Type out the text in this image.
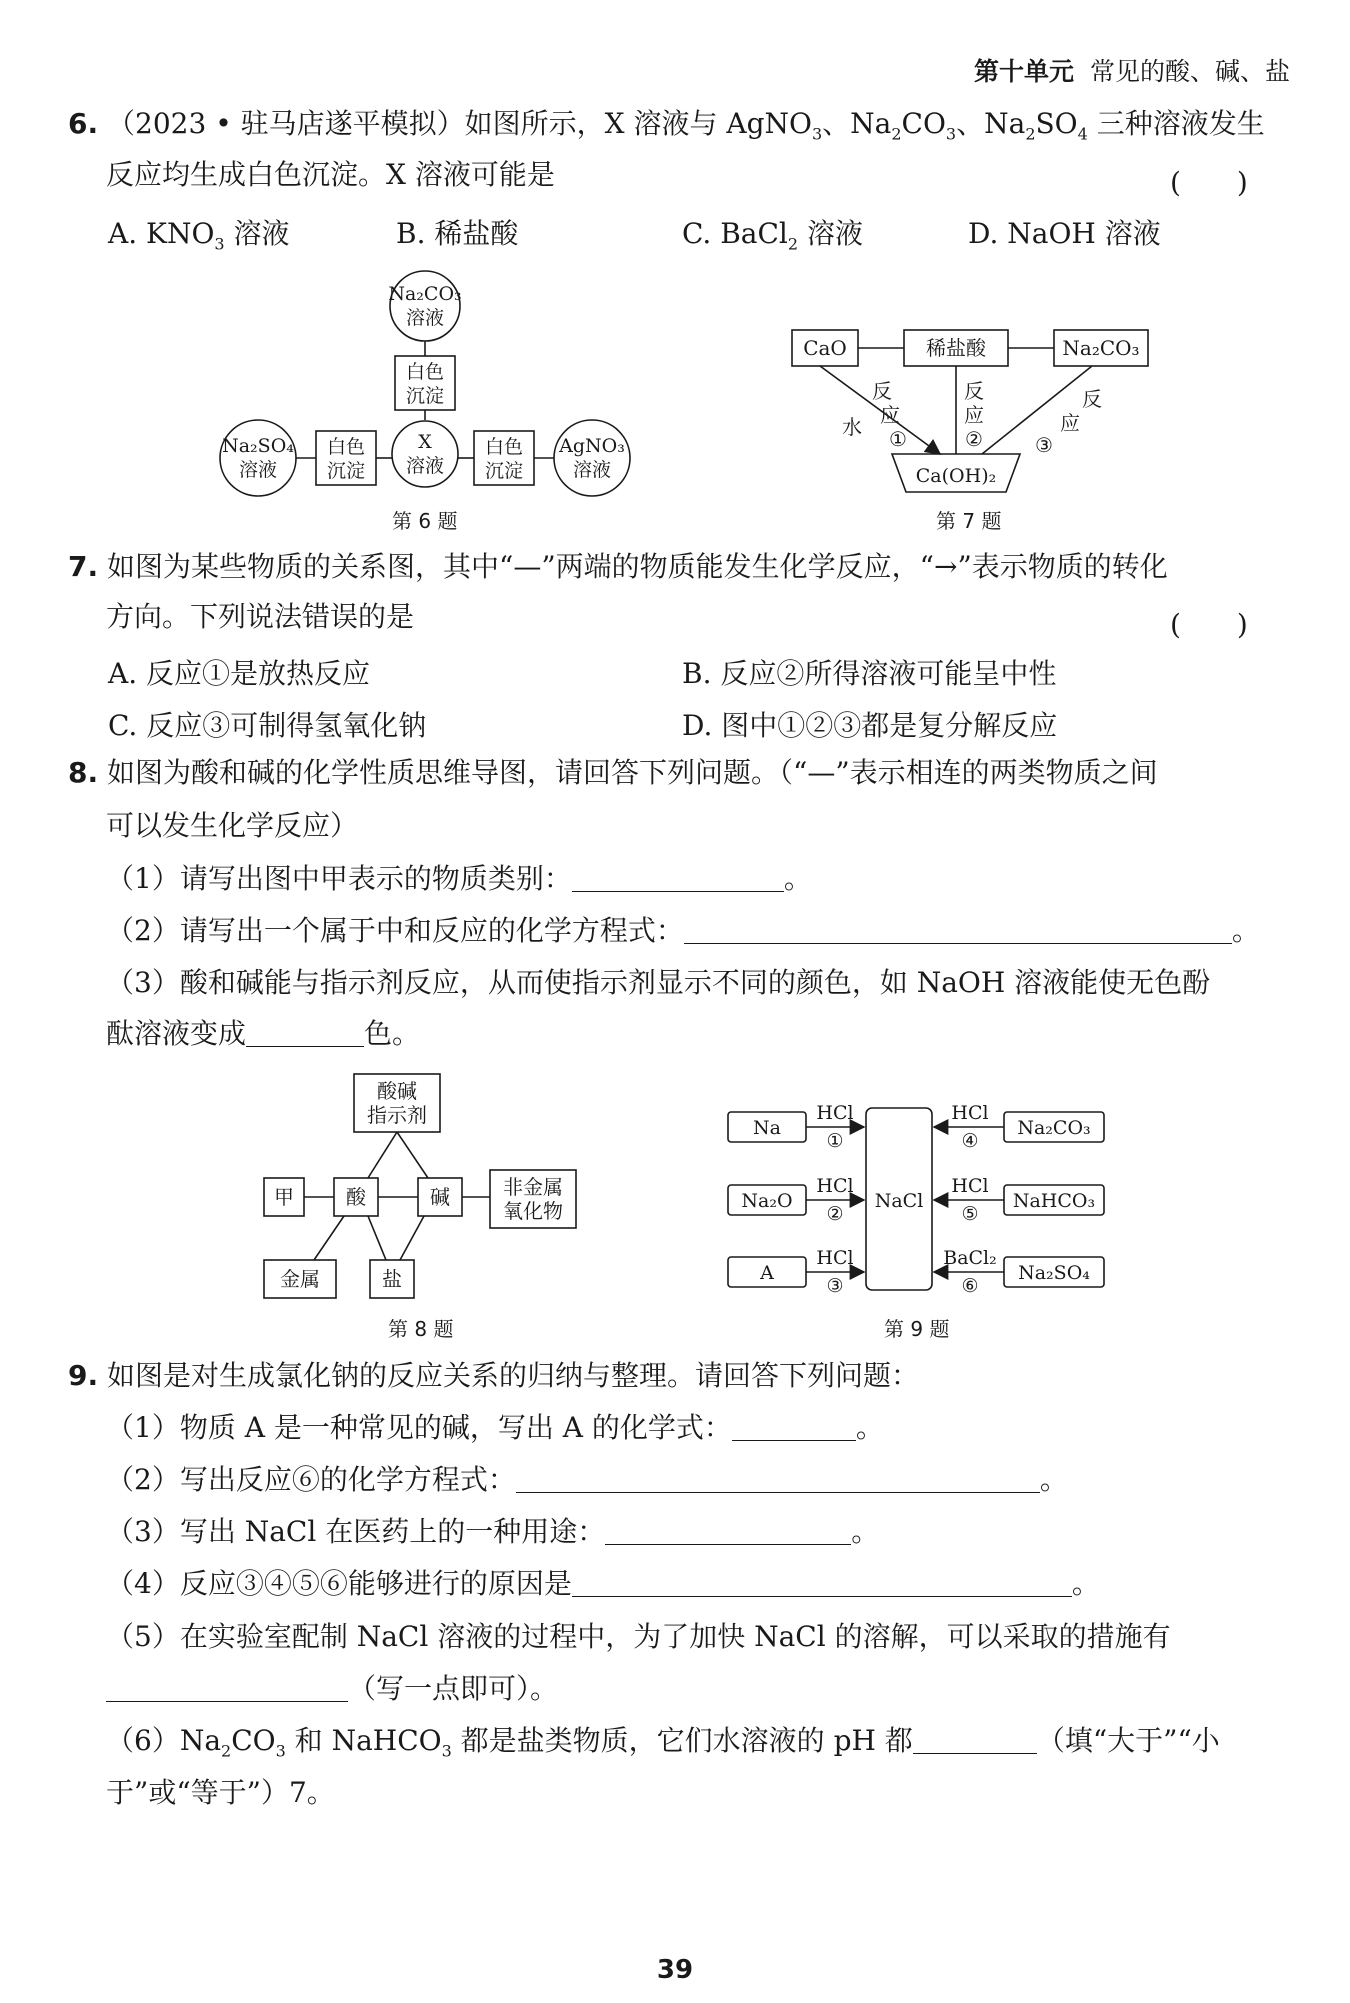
第十单元 常见的酸、碱、盐
6. （2023 • 驻马店遂平模拟）如图所示，X 溶液与 AgNO$_3$、$Na_2CO_3$、$Na_2SO_4$ 三种溶液发生
反应均生成白色沉淀。X 溶液可能是	(　　)
A. $KNO_3$ 溶液	B. 稀盐酸	C. BaCl$_2$ 溶液	D. NaOH 溶液
Na₂CO₃
溶液
白色
沉淀
Na₂SO₄
溶液
白色
沉淀
X
溶液
白色
沉淀
AgNO₃
溶液
第 6 题
CaO	稀盐酸	Na₂CO₃
Ca(OH)₂
水
反
应
①
反
应
②
反
应
③
第 7 题
7. 如图为某些物质的关系图，其中“—”两端的物质能发生化学反应，“→”表示物质的转化
方向。下列说法错误的是	(　　)
A. 反应①是放热反应	B. 反应②所得溶液可能呈中性
C. 反应③可制得氢氧化钠	D. 图中①②③都是复分解反应
8. 如图为酸和碱的化学性质思维导图，请回答下列问题。（“—”表示相连的两类物质之间
可以发生化学反应）
（1）请写出图中甲表示的物质类别：	。
（2）请写出一个属于中和反应的化学方程式：	。
（3）酸和碱能与指示剂反应，从而使指示剂显示不同的颜色，如 NaOH 溶液能使无色酚
酞溶液变成	色。
酸碱
指示剂
甲	酸	碱	非金属
氧化物
金属	盐
第 8 题
Na
Na₂O
A
NaCl
Na₂CO₃
NaHCO₃
Na₂SO₄
HCl
①
HCl
②
HCl
③
HCl
④
HCl
⑤
BaCl₂
⑥
第 9 题
9. 如图是对生成氯化钠的反应关系的归纳与整理。请回答下列问题：
（1）物质 A 是一种常见的碱，写出 A 的化学式：	。
（2）写出反应⑥的化学方程式：	。
（3）写出 NaCl 在医药上的一种用途：	。
（4）反应③④⑤⑥能够进行的原因是	。
（5）在实验室配制 NaCl 溶液的过程中，为了加快 NaCl 的溶解，可以采取的措施有
（写一点即可）。
$(6)Na_2CO_3$ 和 NaHCO$_3$ 都是盐类物质，它们水溶液的 pH 都	（填“大于”“小
于”或“等于”）7。
39
